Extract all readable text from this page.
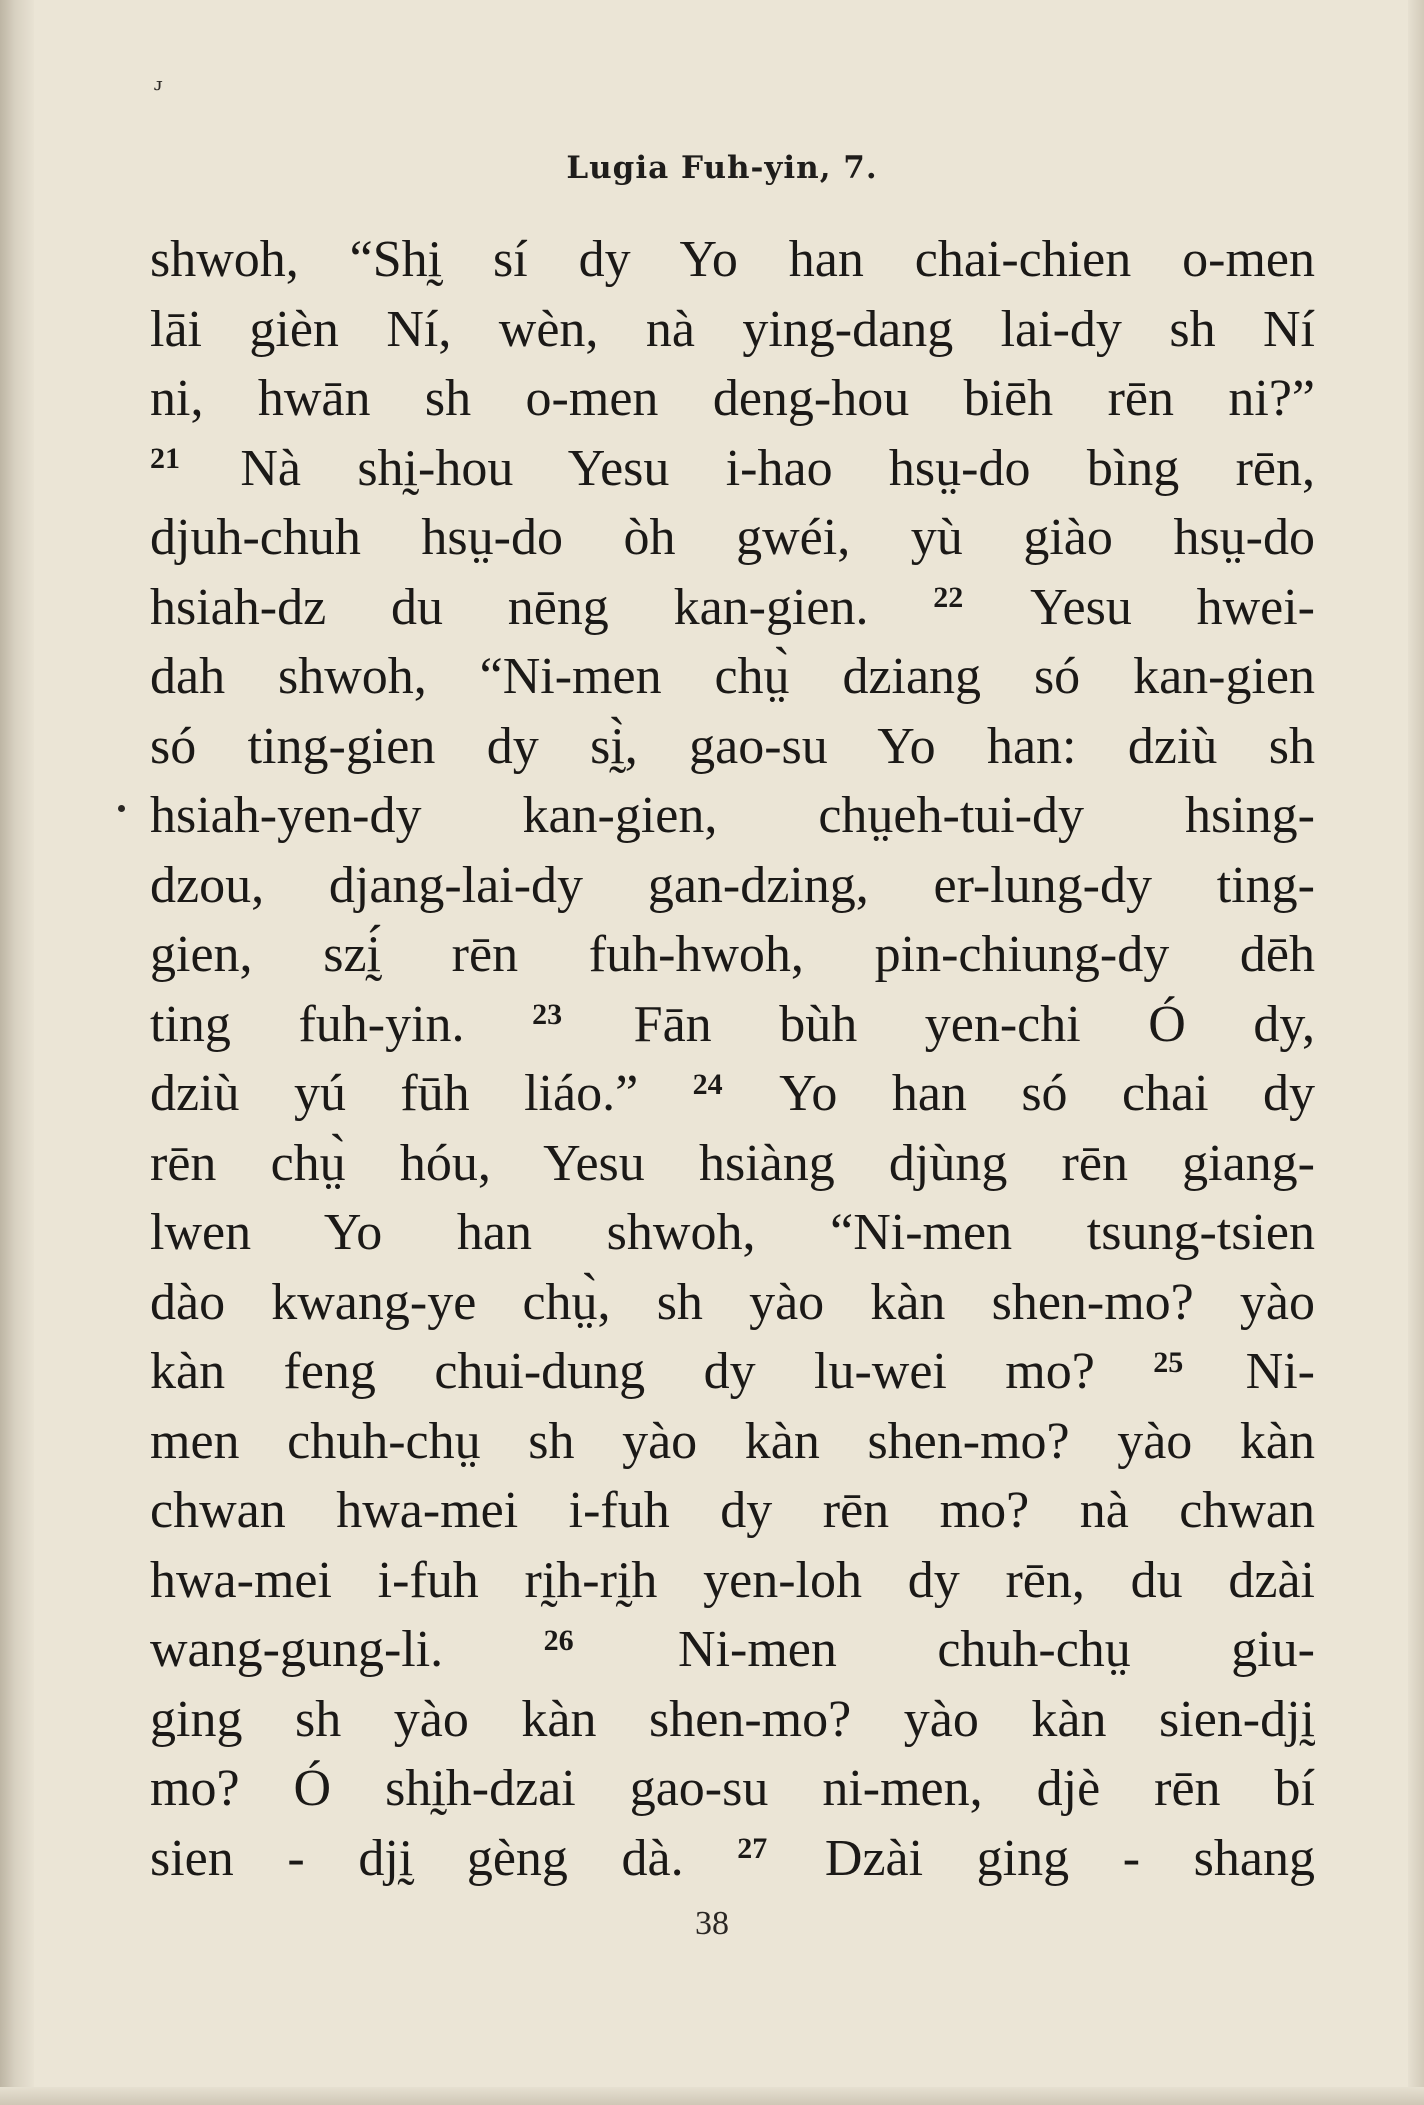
ᴊ
Lugia Fuh-yin, 7.
shwoh, “Shḭ sí dy Yo han chai-chien o-men
lāi gièn Ní, wèn, nà ying-dang lai-dy sh Ní
ni, hwān sh o-men deng-hou biēh rēn ni?”
$^{21}$ Nà shḭ-hou Yesu i-hao hsṳ-do bìng rēn,
djuh-chuh hsṳ-do òh gwéi, yù giào hsṳ-do
hsiah-dz du nēng kan-gien. $^{22}$ Yesu hwei-
dah shwoh, “Ni-men chṳ̀ dziang só kan-gien
só ting-gien dy sḭ̀, gao-su Yo han: dziù sh
hsiah-yen-dy kan-gien, chṳeh-tui-dy hsing-
dzou, djang-lai-dy gan-dzing, er-lung-dy ting-
gien, szḭ́ rēn fuh-hwoh, pin-chiung-dy dēh
ting fuh-yin. $^{23}$ Fān bùh yen-chi Ó dy,
dziù yú fūh liáo.” $^{24}$ Yo han só chai dy
rēn chṳ̀ hóu, Yesu hsiàng djùng rēn giang-
lwen Yo han shwoh, “Ni-men tsung-tsien
dào kwang-ye chṳ̀, sh yào kàn shen-mo? yào
kàn feng chui-dung dy lu-wei mo? $^{25}$ Ni-
men chuh-chṳ sh yào kàn shen-mo? yào kàn
chwan hwa-mei i-fuh dy rēn mo? nà chwan
hwa-mei i-fuh rḭh-rḭh yen-loh dy rēn, du dzài
wang-gung-li.	$^{26}$ Ni-men chuh-chṳ giu-
ging sh yào kàn shen-mo? yào kàn sien-djḭ
mo? Ó shḭh-dzai gao-su ni-men, djè rēn bí
sien - djḭ gèng dà. $^{27}$ Dzài ging - shang
38
